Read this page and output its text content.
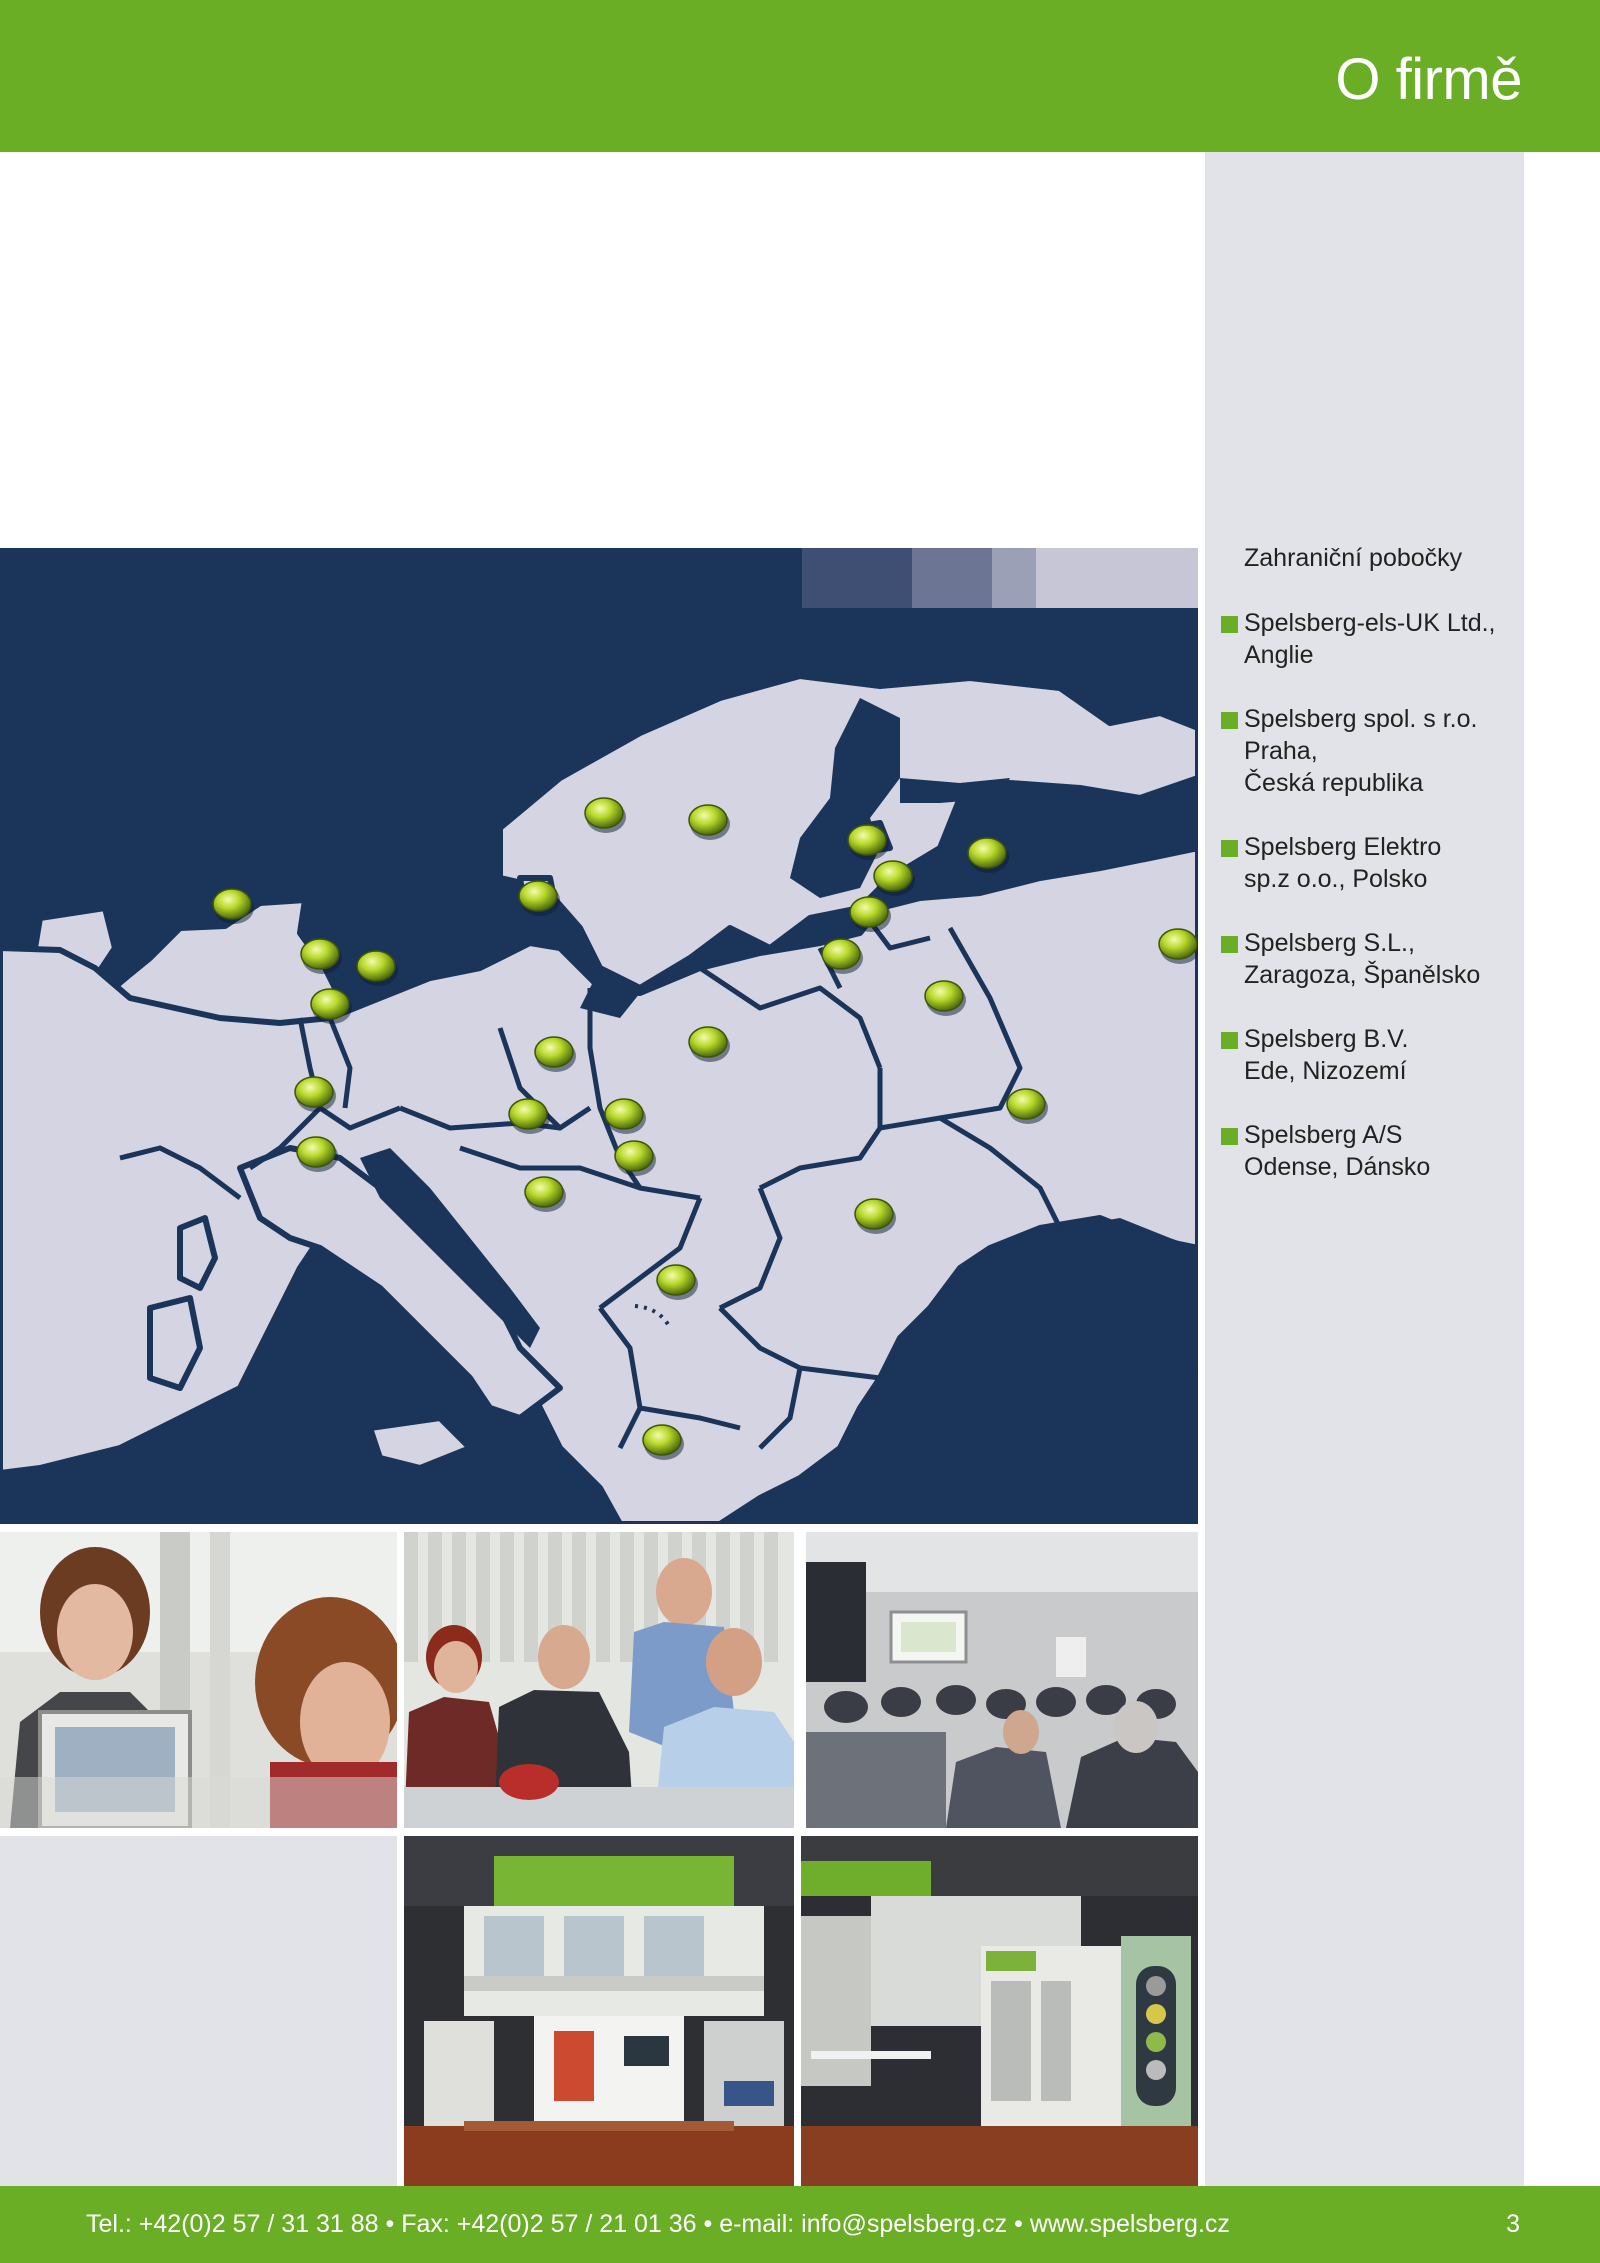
O firmě
Zahraniční pobočky
Spelsberg-els-UK Ltd.,
Anglie
Spelsberg spol. s r.o.
Praha,
Česká republika
Spelsberg Elektro
sp.z o.o., Polsko
Spelsberg S.L.,
Zaragoza, Španělsko
Spelsberg B.V.
Ede, Nizozemí
Spelsberg A/S
Odense, Dánsko
Tel.: +42(0)2 57 / 31 31 88 • Fax: +42(0)2 57 / 21 01 36 • e-mail: info@spelsberg.cz • www.spelsberg.cz	3
